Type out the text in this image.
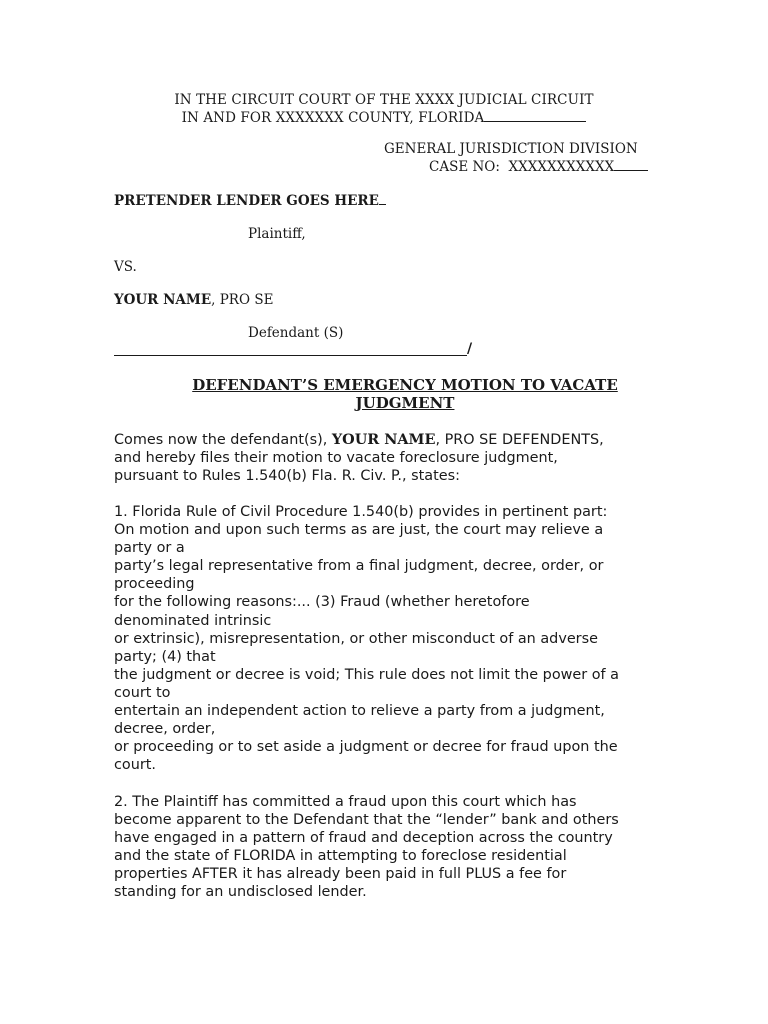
IN THE CIRCUIT COURT OF THE XXXX JUDICIAL CIRCUIT
IN AND FOR XXXXXXX COUNTY, FLORIDA
GENERAL JURISDICTION DIVISION
CASE NO: XXXXXXXXXXX
PRETENDER LENDER GOES HERE
Plaintiff,
VS.
YOUR NAME, PRO SE
Defendant (S)
/
DEFENDANT’S EMERGENCY MOTION TO VACATE
JUDGMENT
Comes now the defendant(s), YOUR NAME, PRO SE DEFENDENTS,
and hereby files their motion to vacate foreclosure judgment,
pursuant to Rules 1.540(b) Fla. R. Civ. P., states:
1. Florida Rule of Civil Procedure 1.540(b) provides in pertinent part:
On motion and upon such terms as are just, the court may relieve a
party or a
party’s legal representative from a final judgment, decree, order, or
proceeding
for the following reasons:... (3) Fraud (whether heretofore
denominated intrinsic
or extrinsic), misrepresentation, or other misconduct of an adverse
party; (4) that
the judgment or decree is void; This rule does not limit the power of a
court to
entertain an independent action to relieve a party from a judgment,
decree, order,
or proceeding or to set aside a judgment or decree for fraud upon the
court.
2. The Plaintiff has committed a fraud upon this court which has
become apparent to the Defendant that the “lender” bank and others
have engaged in a pattern of fraud and deception across the country
and the state of FLORIDA in attempting to foreclose residential
properties AFTER it has already been paid in full PLUS a fee for
standing for an undisclosed lender.
